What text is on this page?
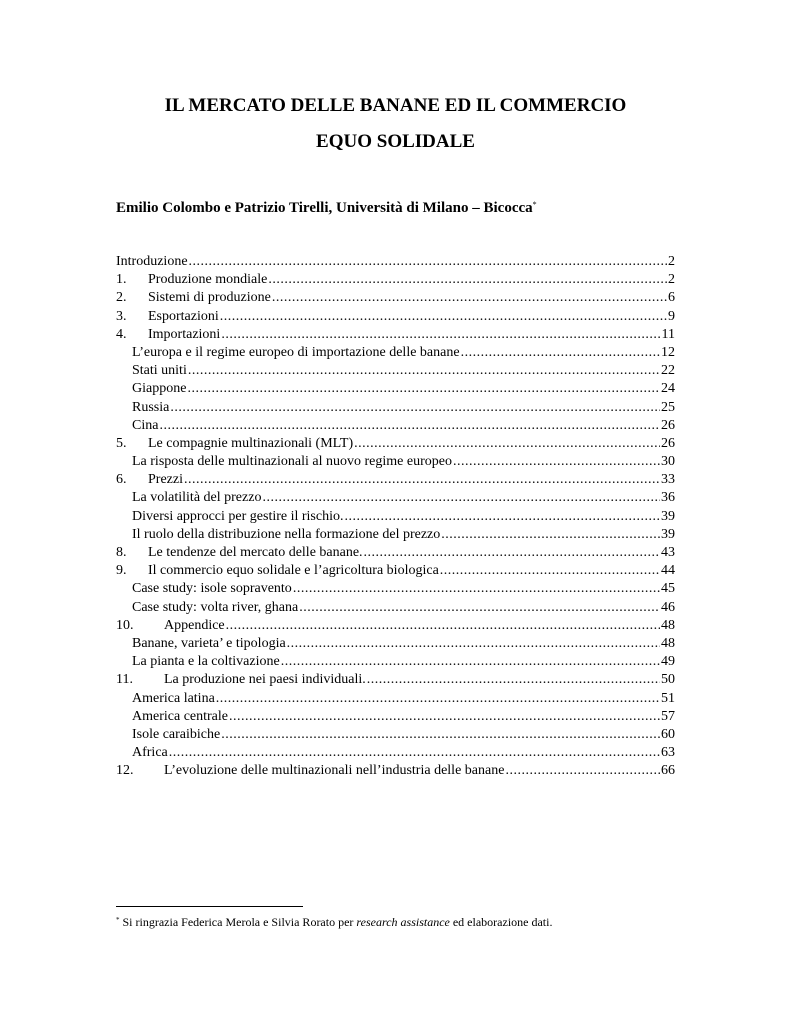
IL MERCATO DELLE BANANE ED IL COMMERCIO
EQUO SOLIDALE

Emilio Colombo e Patrizio Tirelli, Università di Milano – Bicocca*

Introduzione .....	2
1.	Produzione mondiale .....	2
2.	Sistemi di produzione .....	6
3.	Esportazioni .....	9
4.	Importazioni .....	11
L’europa e il regime europeo di importazione delle banane .....	12
Stati uniti .....	22
Giappone .....	24
Russia .....	25
Cina .....	26
5.	Le compagnie multinazionali (MLT) .....	26
La risposta delle multinazionali al nuovo regime europeo .....	30
6.	Prezzi .....	33
La volatilità del prezzo .....	36
Diversi approcci per gestire il rischio. .....	39
Il ruolo della distribuzione nella formazione del prezzo .....	39
8.	Le tendenze del mercato delle banane. .....	43
9.	Il commercio equo solidale e l’agricoltura biologica .....	44
Case study: isole sopravento .....	45
Case study: volta river, ghana .....	46
10.	Appendice .....	48
Banane, varieta’ e tipologia .....	48
La pianta e la coltivazione .....	49
11.	La produzione nei paesi individuali. .....	50
America latina .....	51
America centrale .....	57
Isole caraibiche .....	60
Africa .....	63
12.	L’evoluzione delle multinazionali nell’industria delle banane .....	66

* Si ringrazia Federica Merola e Silvia Rorato per research assistance ed elaborazione dati.
